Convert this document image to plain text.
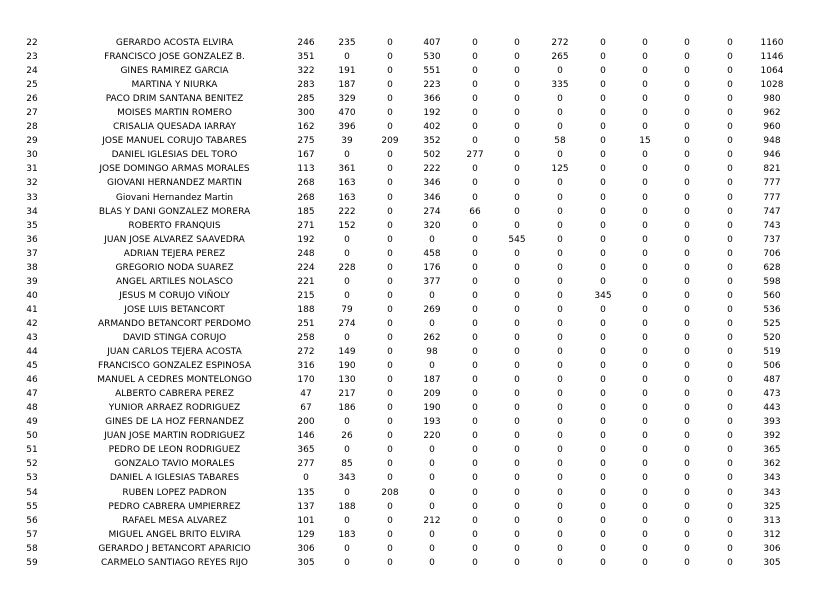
22	GERARDO ACOSTA ELVIRA	246	235	0	407	0	0	272	0	0	0	0	1160
23	FRANCISCO JOSE GONZALEZ B.	351	0	0	530	0	0	265	0	0	0	0	1146
24	GINES RAMIREZ GARCIA	322	191	0	551	0	0	0	0	0	0	0	1064
25	MARTINA Y NIURKA	283	187	0	223	0	0	335	0	0	0	0	1028
26	PACO DRIM SANTANA BENITEZ	285	329	0	366	0	0	0	0	0	0	0	980
27	MOISES MARTIN ROMERO	300	470	0	192	0	0	0	0	0	0	0	962
28	CRISALIA QUESADA IARRAY	162	396	0	402	0	0	0	0	0	0	0	960
29	JOSE MANUEL CORUJO TABARES	275	39	209	352	0	0	58	0	15	0	0	948
30	DANIEL IGLESIAS DEL TORO	167	0	0	502	277	0	0	0	0	0	0	946
31	JOSE DOMINGO ARMAS MORALES	113	361	0	222	0	0	125	0	0	0	0	821
32	GIOVANI HERNANDEZ MARTIN	268	163	0	346	0	0	0	0	0	0	0	777
33	Giovani Hernandez Martin	268	163	0	346	0	0	0	0	0	0	0	777
34	BLAS Y DANI GONZALEZ MORERA	185	222	0	274	66	0	0	0	0	0	0	747
35	ROBERTO FRANQUIS	271	152	0	320	0	0	0	0	0	0	0	743
36	JUAN JOSE ALVAREZ SAAVEDRA	192	0	0	0	0	545	0	0	0	0	0	737
37	ADRIAN TEJERA PEREZ	248	0	0	458	0	0	0	0	0	0	0	706
38	GREGORIO NODA SUAREZ	224	228	0	176	0	0	0	0	0	0	0	628
39	ANGEL ARTILES NOLASCO	221	0	0	377	0	0	0	0	0	0	0	598
40	JESUS M CORUJO VIÑOLY	215	0	0	0	0	0	0	345	0	0	0	560
41	JOSE LUIS BETANCORT	188	79	0	269	0	0	0	0	0	0	0	536
42	ARMANDO BETANCORT PERDOMO	251	274	0	0	0	0	0	0	0	0	0	525
43	DAVID STINGA CORUJO	258	0	0	262	0	0	0	0	0	0	0	520
44	JUAN CARLOS TEJERA ACOSTA	272	149	0	98	0	0	0	0	0	0	0	519
45	FRANCISCO GONZALEZ ESPINOSA	316	190	0	0	0	0	0	0	0	0	0	506
46	MANUEL A CEDRES MONTELONGO	170	130	0	187	0	0	0	0	0	0	0	487
47	ALBERTO CABRERA PEREZ	47	217	0	209	0	0	0	0	0	0	0	473
48	YUNIOR ARRAEZ RODRIGUEZ	67	186	0	190	0	0	0	0	0	0	0	443
49	GINES DE LA HOZ FERNANDEZ	200	0	0	193	0	0	0	0	0	0	0	393
50	JUAN JOSE MARTIN RODRIGUEZ	146	26	0	220	0	0	0	0	0	0	0	392
51	PEDRO DE LEON RODRIGUEZ	365	0	0	0	0	0	0	0	0	0	0	365
52	GONZALO TAVIO MORALES	277	85	0	0	0	0	0	0	0	0	0	362
53	DANIEL A IGLESIAS TABARES	0	343	0	0	0	0	0	0	0	0	0	343
54	RUBEN LOPEZ PADRON	135	0	208	0	0	0	0	0	0	0	0	343
55	PEDRO CABRERA UMPIERREZ	137	188	0	0	0	0	0	0	0	0	0	325
56	RAFAEL MESA ALVAREZ	101	0	0	212	0	0	0	0	0	0	0	313
57	MIGUEL ANGEL BRITO ELVIRA	129	183	0	0	0	0	0	0	0	0	0	312
58	GERARDO J BETANCORT APARICIO	306	0	0	0	0	0	0	0	0	0	0	306
59	CARMELO SANTIAGO REYES RIJO	305	0	0	0	0	0	0	0	0	0	0	305
